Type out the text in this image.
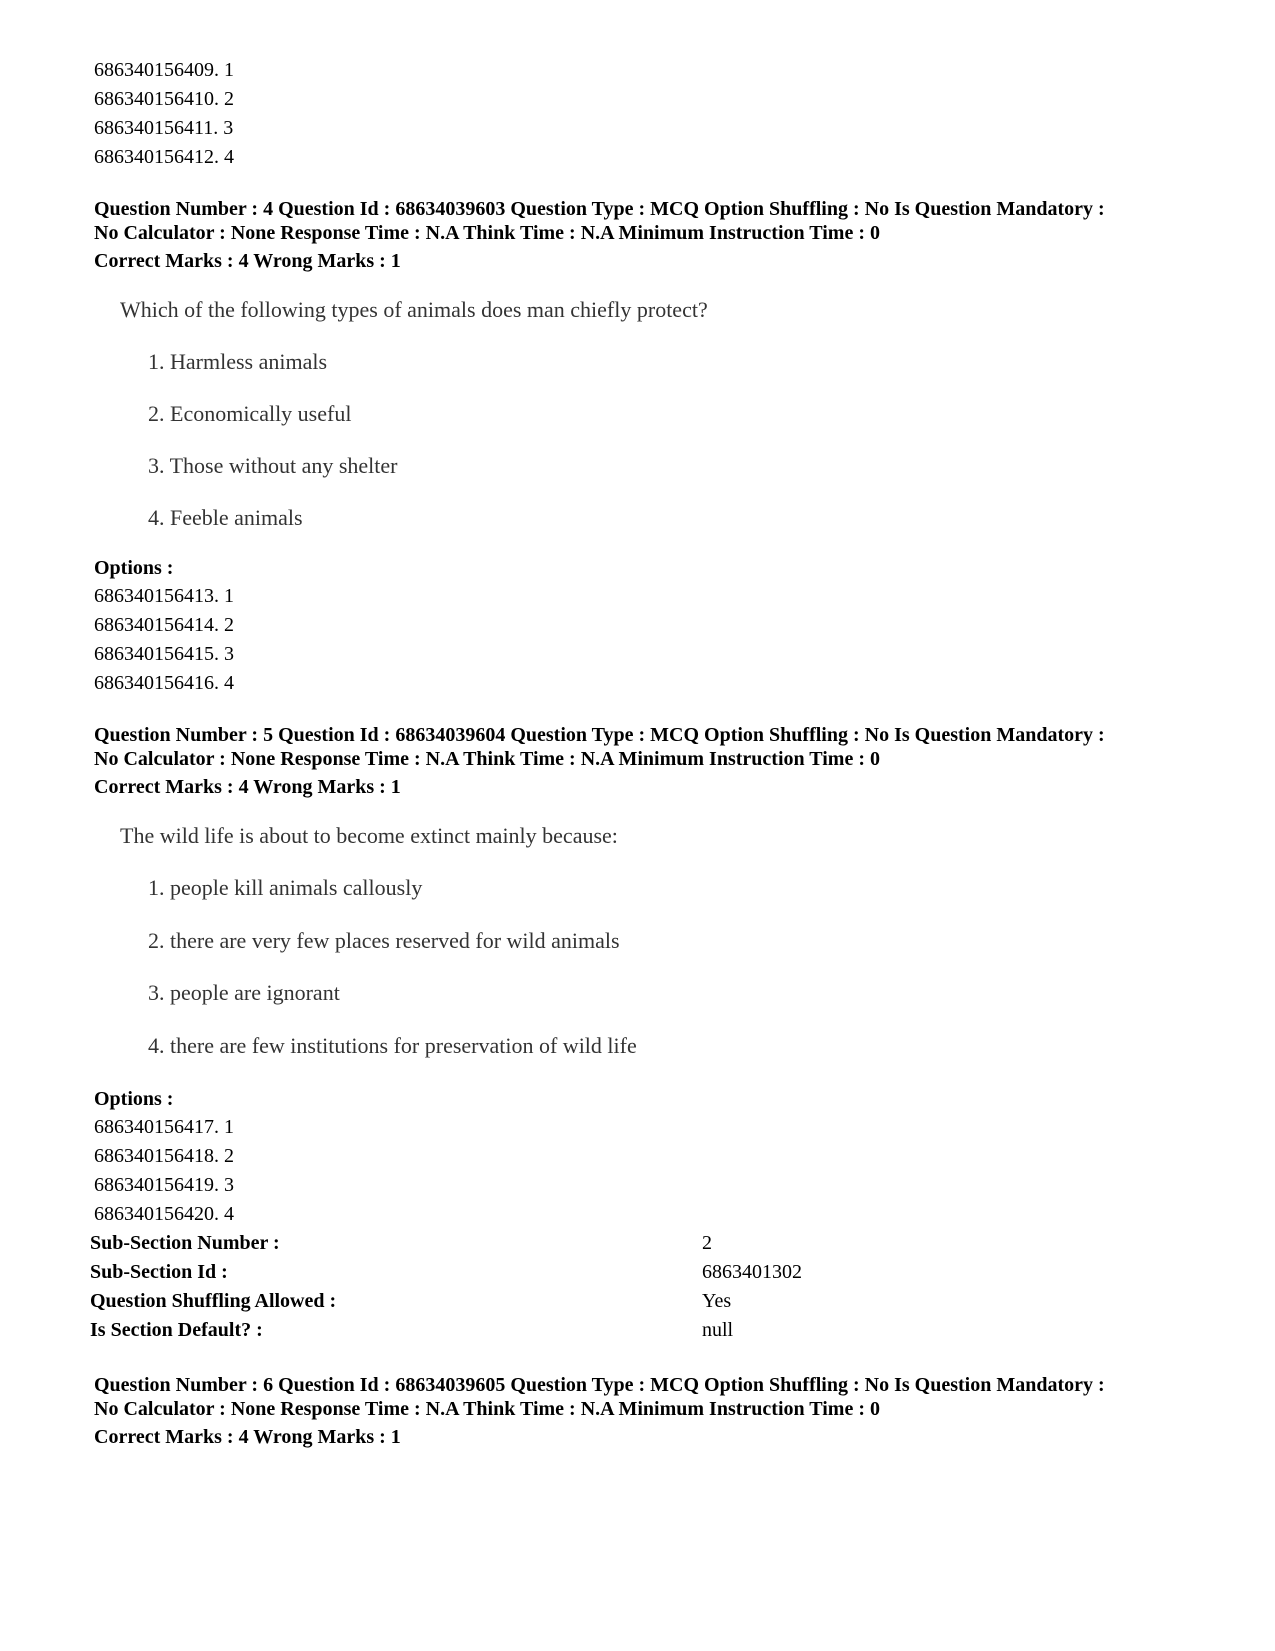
686340156409. 1
686340156410. 2
686340156411. 3
686340156412. 4
Question Number : 4 Question Id : 68634039603 Question Type : MCQ Option Shuffling : No Is Question Mandatory :
No Calculator : None Response Time : N.A Think Time : N.A Minimum Instruction Time : 0
Correct Marks : 4 Wrong Marks : 1
Which of the following types of animals does man chiefly protect?
1. Harmless animals
2. Economically useful
3. Those without any shelter
4. Feeble animals
Options :
686340156413. 1
686340156414. 2
686340156415. 3
686340156416. 4
Question Number : 5 Question Id : 68634039604 Question Type : MCQ Option Shuffling : No Is Question Mandatory :
No Calculator : None Response Time : N.A Think Time : N.A Minimum Instruction Time : 0
Correct Marks : 4 Wrong Marks : 1
The wild life is about to become extinct mainly because:
1. people kill animals callously
2. there are very few places reserved for wild animals
3. people are ignorant
4. there are few institutions for preservation of wild life
Options :
686340156417. 1
686340156418. 2
686340156419. 3
686340156420. 4
Sub-Section Number :	2
Sub-Section Id :	6863401302
Question Shuffling Allowed :	Yes
Is Section Default? :	null
Question Number : 6 Question Id : 68634039605 Question Type : MCQ Option Shuffling : No Is Question Mandatory :
No Calculator : None Response Time : N.A Think Time : N.A Minimum Instruction Time : 0
Correct Marks : 4 Wrong Marks : 1
